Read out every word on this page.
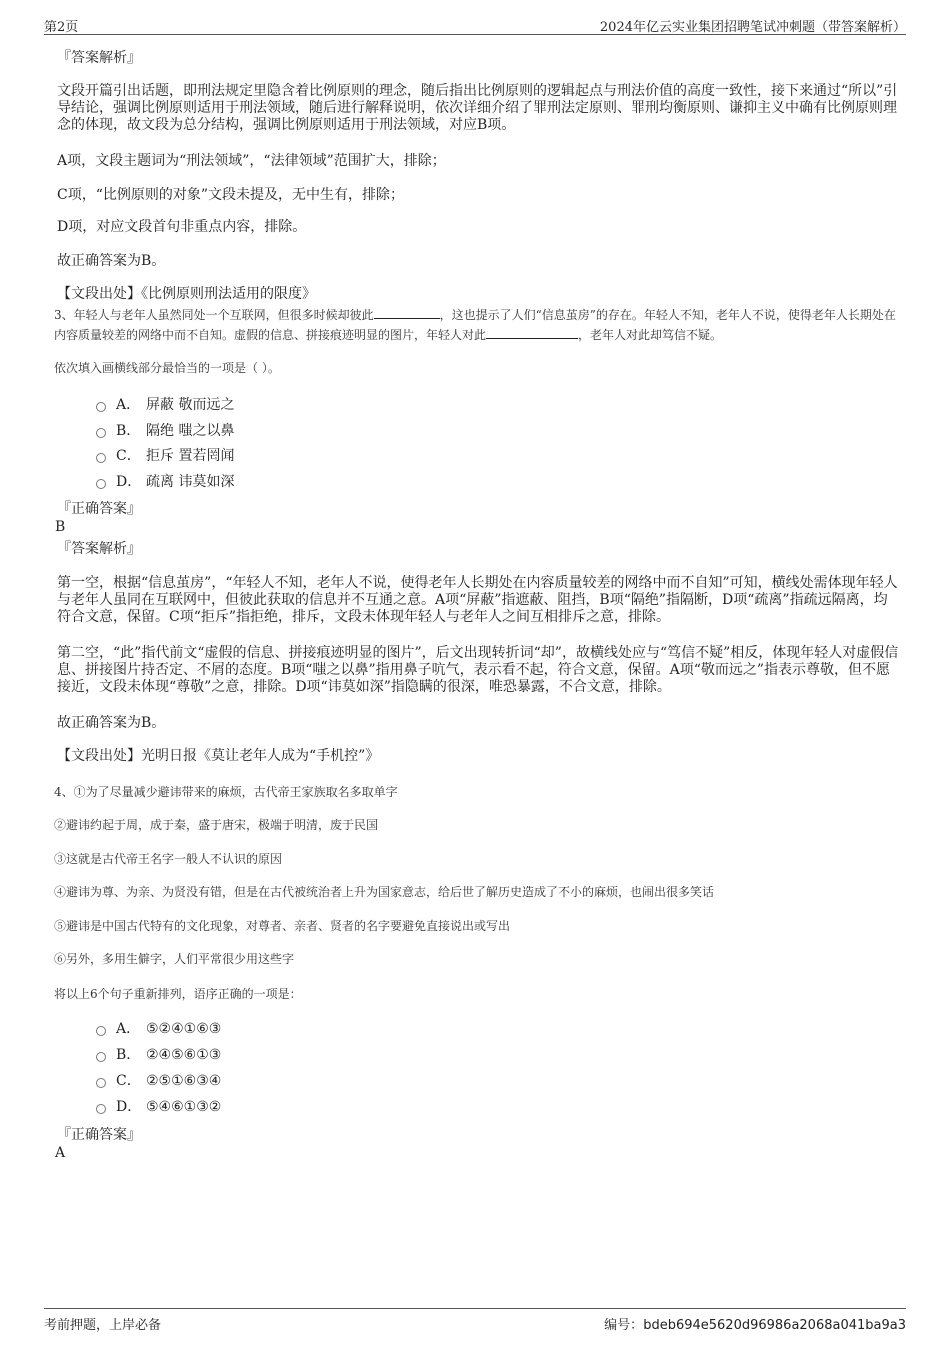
第2页	2024年亿云实业集团招聘笔试冲刺题（带答案解析）
『答案解析』
文段开篇引出话题，即刑法规定里隐含着比例原则的理念，随后指出比例原则的逻辑起点与刑法价值的高度一致性，接下来通过“所以”引导结论，强调比例原则适用于刑法领域，随后进行解释说明，依次详细介绍了罪刑法定原则、罪刑均衡原则、谦抑主义中确有比例原则理念的体现，故文段为总分结构，强调比例原则适用于刑法领域，对应B项。
A项，文段主题词为“刑法领域”，“法律领域”范围扩大，排除；
C项，“比例原则的对象”文段未提及，无中生有，排除；
D项，对应文段首句非重点内容，排除。
故正确答案为B。
【文段出处】《比例原则刑法适用的限度》
3、年轻人与老年人虽然同处一个互联网，但很多时候却彼此	，这也提示了人们“信息茧房”的存在。年轻人不知，老年人不说，使得老年人长期处在内容质量较差的网络中而不自知。虚假的信息、拼接痕迹明显的图片，年轻人对此	，老年人对此却笃信不疑。
依次填入画横线部分最恰当的一项是（ ）。
A． 屏蔽 敬而远之
B． 隔绝 嗤之以鼻
C． 拒斥 置若罔闻
D． 疏离 讳莫如深
『正确答案』
B
『答案解析』
第一空，根据“信息茧房”，“年轻人不知，老年人不说，使得老年人长期处在内容质量较差的网络中而不自知”可知，横线处需体现年轻人与老年人虽同在互联网中，但彼此获取的信息并不互通之意。A项“屏蔽”指遮蔽、阻挡，B项“隔绝”指隔断，D项“疏离”指疏远隔离，均符合文意，保留。C项“拒斥”指拒绝，排斥，文段未体现年轻人与老年人之间互相排斥之意，排除。
第二空，“此”指代前文“虚假的信息、拼接痕迹明显的图片”，后文出现转折词“却”，故横线处应与“笃信不疑”相反，体现年轻人对虚假信息、拼接图片持否定、不屑的态度。B项“嗤之以鼻”指用鼻子吭气，表示看不起，符合文意，保留。A项“敬而远之”指表示尊敬，但不愿接近，文段未体现“尊敬”之意，排除。D项“讳莫如深”指隐瞒的很深，唯恐暴露，不合文意，排除。
故正确答案为B。
【文段出处】光明日报《莫让老年人成为“手机控”》
4、①为了尽量减少避讳带来的麻烦，古代帝王家族取名多取单字
②避讳约起于周，成于秦，盛于唐宋，极端于明清，废于民国
③这就是古代帝王名字一般人不认识的原因
④避讳为尊、为亲、为贤没有错，但是在古代被统治者上升为国家意志，给后世了解历史造成了不小的麻烦，也闹出很多笑话
⑤避讳是中国古代特有的文化现象，对尊者、亲者、贤者的名字要避免直接说出或写出
⑥另外，多用生僻字，人们平常很少用这些字
将以上6个句子重新排列，语序正确的一项是：
A． ⑤②④①⑥③
B． ②④⑤⑥①③
C． ②⑤①⑥③④
D． ⑤④⑥①③②
『正确答案』
A
考前押题，上岸必备	编号：bdeb694e5620d96986a2068a041ba9a3
